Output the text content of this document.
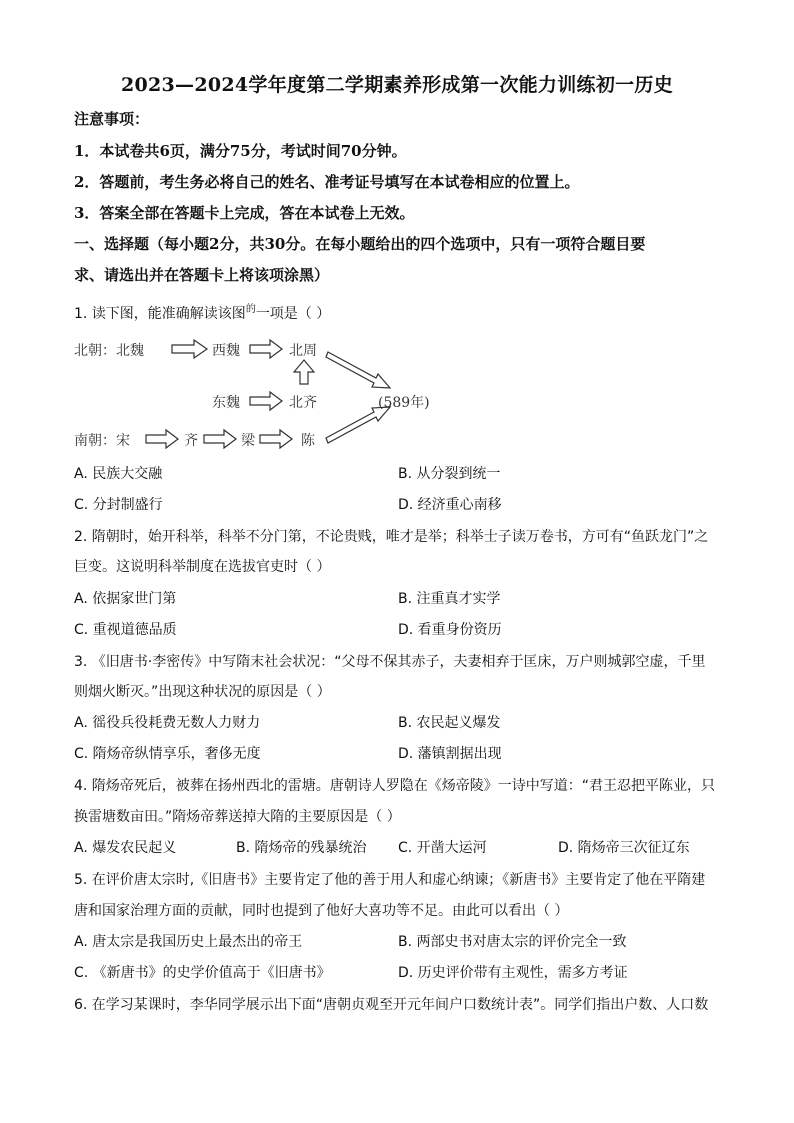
2023—2024学年度第二学期素养形成第一次能力训练初一历史
注意事项：
1．本试卷共6页，满分75分，考试时间70分钟。
2．答题前，考生务必将自己的姓名、准考证号填写在本试卷相应的位置上。
3．答案全部在答题卡上完成，答在本试卷上无效。
一、选择题（每小题2分，共30分。在每小题给出的四个选项中，只有一项符合题目要
求、请选出并在答题卡上将该项涂黑）
1. 读下图，能准确解读该图$^的$一项是（ ）
北朝：北魏	西魏	北周
东魏	北齐	(589年)
南朝：宋	齐	梁	陈
A. 民族大交融	B. 从分裂到统一
C. 分封制盛行	D. 经济重心南移
2. 隋朝时，始开科举，科举不分门第，不论贵贱，唯才是举；科举士子读万卷书，方可有“鱼跃龙门”之
巨变。这说明科举制度在选拔官吏时（ ）
A. 依据家世门第	B. 注重真才实学
C. 重视道德品质	D. 看重身份资历
3. 《旧唐书·李密传》中写隋末社会状况：“父母不保其赤子，夫妻相弃于匡床，万户则城郭空虚，千里
则烟火断灭。”出现这种状况的原因是（ ）
A. 徭役兵役耗费无数人力财力	B. 农民起义爆发
C. 隋炀帝纵情享乐，奢侈无度	D. 藩镇割据出现
4. 隋炀帝死后，被葬在扬州西北的雷塘。唐朝诗人罗隐在《炀帝陵》一诗中写道：“君王忍把平陈业，只
换雷塘数亩田。”隋炀帝葬送掉大隋的主要原因是（ ）
A. 爆发农民起义	B. 隋炀帝的残暴统治 C. 开凿大运河	D. 隋炀帝三次征辽东
5. 在评价唐太宗时,《旧唐书》主要肯定了他的善于用人和虚心纳谏；《新唐书》主要肯定了他在平隋建
唐和国家治理方面的贡献，同时也提到了他好大喜功等不足。由此可以看出（ ）
A. 唐太宗是我国历史上最杰出的帝王	B. 两部史书对唐太宗的评价完全一致
C. 《新唐书》的史学价值高于《旧唐书》	D. 历史评价带有主观性，需多方考证
6. 在学习某课时，李华同学展示出下面“唐朝贞观至开元年间户口数统计表”。同学们指出户数、人口数
